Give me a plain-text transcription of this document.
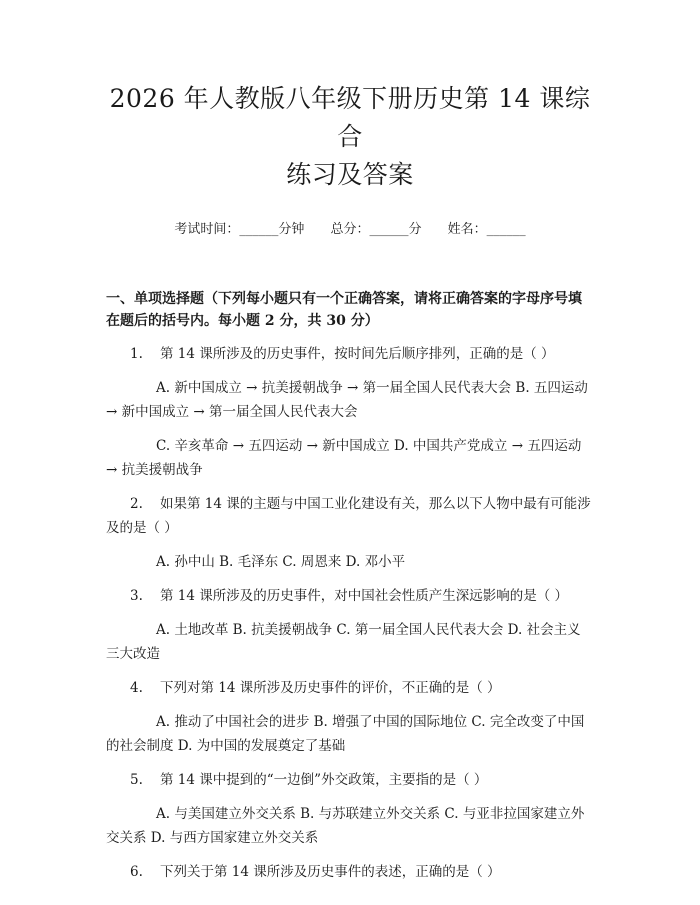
2026 年人教版八年级下册历史第 14 课综合
练习及答案
考试时间：______分钟 总分：______分 姓名：______
一、单项选择题（下列每小题只有一个正确答案，请将正确答案的字母序号填在题后的括号内。每小题 2 分，共 30 分）
1. 第 14 课所涉及的历史事件，按时间先后顺序排列，正确的是（ ）
A. 新中国成立 → 抗美援朝战争 → 第一届全国人民代表大会 B. 五四运动 → 新中国成立 → 第一届全国人民代表大会
C. 辛亥革命 → 五四运动 → 新中国成立 D. 中国共产党成立 → 五四运动 → 抗美援朝战争
2. 如果第 14 课的主题与中国工业化建设有关，那么以下人物中最有可能涉及的是（ ）
A. 孙中山 B. 毛泽东 C. 周恩来 D. 邓小平
3. 第 14 课所涉及的历史事件，对中国社会性质产生深远影响的是（ ）
A. 土地改革 B. 抗美援朝战争 C. 第一届全国人民代表大会 D. 社会主义三大改造
4. 下列对第 14 课所涉及历史事件的评价，不正确的是（ ）
A. 推动了中国社会的进步 B. 增强了中国的国际地位 C. 完全改变了中国的社会制度 D. 为中国的发展奠定了基础
5. 第 14 课中提到的“一边倒”外交政策，主要指的是（ ）
A. 与美国建立外交关系 B. 与苏联建立外交关系 C. 与亚非拉国家建立外交关系 D. 与西方国家建立外交关系
6. 下列关于第 14 课所涉及历史事件的表述，正确的是（ ）
